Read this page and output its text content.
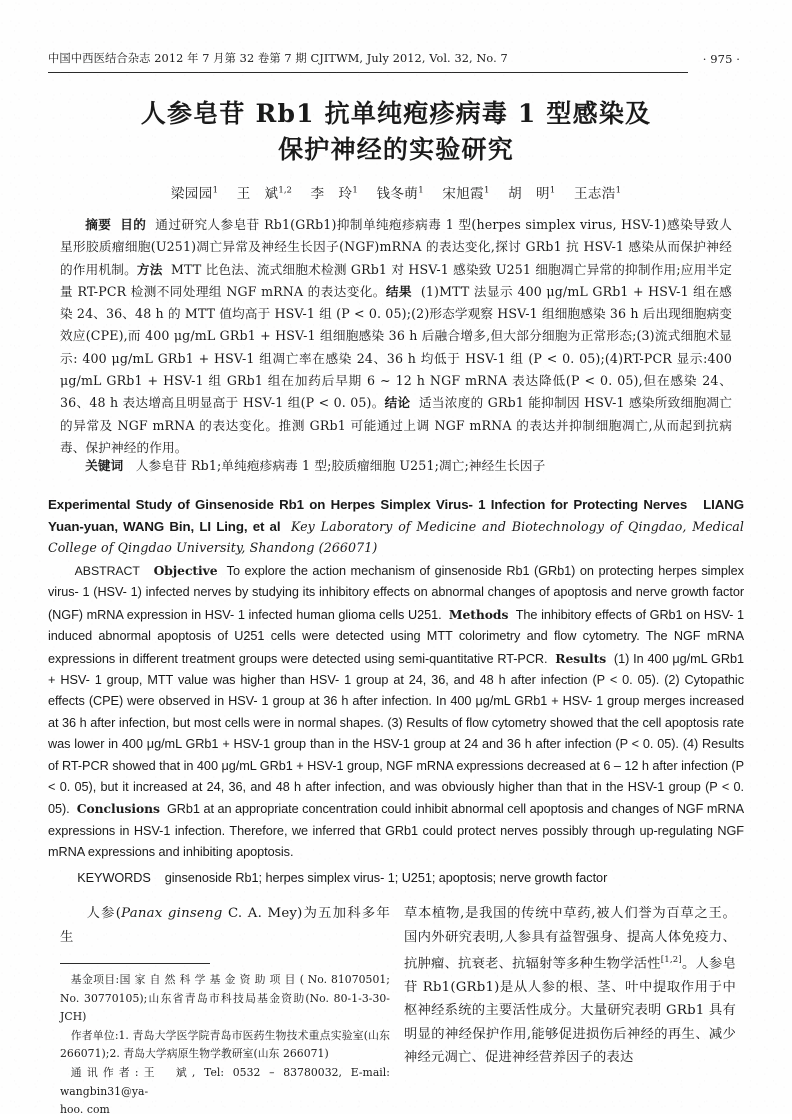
中国中西医结合杂志 2012 年 7 月第 32 卷第 7 期 CJITWM, July 2012, Vol. 32, No. 7	· 975 ·
人参皂苷 Rb1 抗单纯疱疹病毒 1 型感染及
保护神经的实验研究
梁园园$^1$ 王　斌$^{1,2}$ 李　玲$^1$ 钱冬萌$^1$ 宋旭霞$^1$ 胡　明$^1$ 王志浩$^1$
摘要 目的 通过研究人参皂苷 Rb1(GRb1)抑制单纯疱疹病毒 1 型(herpes simplex virus, HSV-1)感染导致人星形胶质瘤细胞(U251)凋亡异常及神经生长因子(NGF)mRNA 的表达变化,探讨 GRb1 抗 HSV-1 感染从而保护神经的作用机制。方法 MTT 比色法、流式细胞术检测 GRb1 对 HSV-1 感染致 U251 细胞凋亡异常的抑制作用;应用半定量 RT-PCR 检测不同处理组 NGF mRNA 的表达变化。结果 (1)MTT 法显示 400 μg/mL GRb1 + HSV-1 组在感染 24、36、48 h 的 MTT 值均高于 HSV-1 组 (P < 0. 05);(2)形态学观察 HSV-1 组细胞感染 36 h 后出现细胞病变效应(CPE),而 400 μg/mL GRb1 + HSV-1 组细胞感染 36 h 后融合增多,但大部分细胞为正常形态;(3)流式细胞术显示: 400 μg/mL GRb1 + HSV-1 组凋亡率在感染 24、36 h 均低于 HSV-1 组 (P < 0. 05);(4)RT-PCR 显示:400 μg/mL GRb1 + HSV-1 组 GRb1 组在加药后早期 6 ~ 12 h NGF mRNA 表达降低(P < 0. 05),但在感染 24、36、48 h 表达增高且明显高于 HSV-1 组(P < 0. 05)。结论 适当浓度的 GRb1 能抑制因 HSV-1 感染所致细胞凋亡的异常及 NGF mRNA 的表达变化。推测 GRb1 可能通过上调 NGF mRNA 的表达并抑制细胞凋亡,从而起到抗病毒、保护神经的作用。
关键词 人参皂苷 Rb1;单纯疱疹病毒 1 型;胶质瘤细胞 U251;凋亡;神经生长因子
Experimental Study of Ginsenoside Rb1 on Herpes Simplex Virus- 1 Infection for Protecting Nerves LIANG Yuan-yuan, WANG Bin, LI Ling, et al Key Laboratory of Medicine and Biotechnology of Qingdao, Medical College of Qingdao University, Shandong (266071)
ABSTRACT Objective To explore the action mechanism of ginsenoside Rb1 (GRb1) on protecting herpes simplex virus- 1 (HSV- 1) infected nerves by studying its inhibitory effects on abnormal changes of apoptosis and nerve growth factor (NGF) mRNA expression in HSV- 1 infected human glioma cells U251. Methods The inhibitory effects of GRb1 on HSV- 1 induced abnormal apoptosis of U251 cells were detected using MTT colorimetry and flow cytometry. The NGF mRNA expressions in different treatment groups were detected using semi-quantitative RT-PCR. Results (1) In 400 μg/mL GRb1 + HSV- 1 group, MTT value was higher than HSV- 1 group at 24, 36, and 48 h after infection (P < 0. 05). (2) Cytopathic effects (CPE) were observed in HSV- 1 group at 36 h after infection. In 400 μg/mL GRb1 + HSV- 1 group merges increased at 36 h after infection, but most cells were in normal shapes. (3) Results of flow cytometry showed that the cell apoptosis rate was lower in 400 μg/mL GRb1 + HSV-1 group than in the HSV-1 group at 24 and 36 h after infection (P < 0. 05). (4) Results of RT-PCR showed that in 400 μg/mL GRb1 + HSV-1 group, NGF mRNA expressions decreased at 6 – 12 h after infection (P < 0. 05), but it increased at 24, 36, and 48 h after infection, and was obviously higher than that in the HSV-1 group (P < 0. 05). Conclusions GRb1 at an appropriate concentration could inhibit abnormal cell apoptosis and changes of NGF mRNA expressions in HSV-1 infection. Therefore, we inferred that GRb1 could protect nerves possibly through up-regulating NGF mRNA expressions and inhibiting apoptosis.
KEYWORDS ginsenoside Rb1; herpes simplex virus- 1; U251; apoptosis; nerve growth factor
人参(Panax ginseng C. A. Mey)为五加科多年生

基金项目:国 家 自 然 科 学 基 金 资 助 项 目 ( No. 81070501; No. 30770105);山东省青岛市科技局基金资助(No. 80-1-3-30-JCH)

作者单位:1. 青岛大学医学院青岛市医药生物技术重点实验室(山东 266071);2. 青岛大学病原生物学教研室(山东 266071)

通讯作者:王　斌, Tel: 0532 – 83780032, E-mail: wangbin31@ya-

hoo. com

草本植物,是我国的传统中草药,被人们誉为百草之王。国内外研究表明,人参具有益智强身、提高人体免疫力、抗肿瘤、抗衰老、抗辐射等多种生物学活性[1,2]。人参皂苷 Rb1(GRb1)是从人参的根、茎、叶中提取作用于中枢神经系统的主要活性成分。大量研究表明 GRb1 具有明显的神经保护作用,能够促进损伤后神经的再生、减少神经元凋亡、促进神经营养因子的表达
